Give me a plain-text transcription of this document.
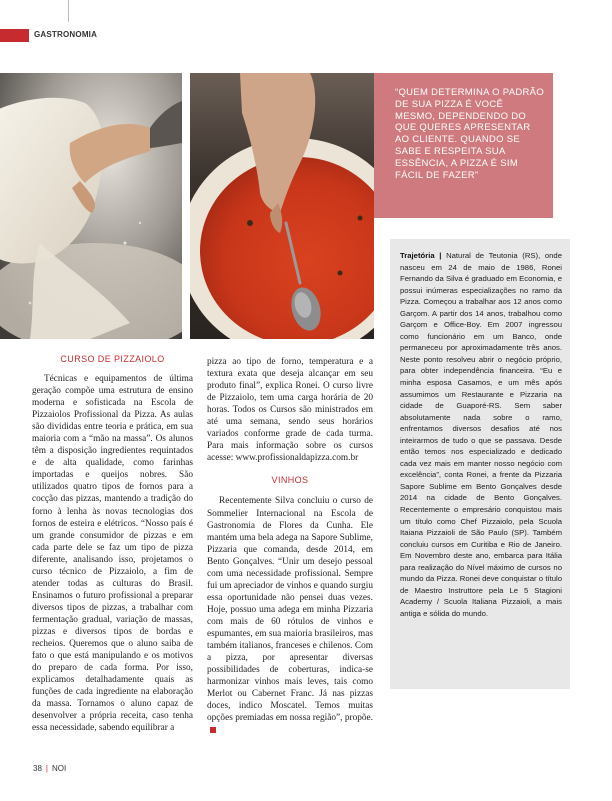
GASTRONOMIA
“QUEM DETERMINA O PADRÃO DE SUA PIZZA É VOCÊ MESMO, DEPENDENDO DO QUE QUERES APRESENTAR AO CLIENTE. QUANDO SE SABE E RESPEITA SUA ESSÊNCIA, A PIZZA É SIM FÁCIL DE FAZER”
Trajetória | Natural de Teutonia (RS), onde nasceu em 24 de maio de 1986, Ronei Fernando da Silva é graduado em Economia, e possui inúmeras especializações no ramo da Pizza. Começou a trabalhar aos 12 anos como Garçom. A partir dos 14 anos, trabalhou como Garçom e Office-Boy. Em 2007 ingressou como funcionário em um Banco, onde permaneceu por aproximadamente três anos. Neste ponto resolveu abrir o negócio próprio, para obter independência financeira. “Eu e minha esposa Casamos, e um mês após assumimos um Restaurante e Pizzaria na cidade de Guaporé-RS. Sem saber absolutamente nada sobre o ramo, enfrentamos diversos desafios até nos inteirarmos de tudo o que se passava. Desde então temos nos especializado e dedicado cada vez mais em manter nosso negócio com excelência”, conta Ronei, a frente da Pizzaria Sapore Sublime em Bento Gonçalves desde 2014 na cidade de Bento Gonçalves. Recentemente o empresário conquistou mais um título como Chef Pizzaiolo, pela Scuola Itaiana Pizzaioli de São Paulo (SP). Também concluiu cursos em Curitiba e Rio de Janeiro. Em Novembro deste ano, embarca para Itália para realização do Nível máximo de cursos no mundo da Pizza. Ronei deve conquistar o título de Maestro Instruttore pela Le 5 Stagioni Academy / Scuola Italiana Pizzaioli, a mais antiga e sólida do mundo.

CURSO DE PIZZAIOLO

Técnicas e equipamentos de última geração compõe uma estrutura de ensino moderna e sofisticada na Escola de Pizzaiolos Profissional da Pizza. As aulas são divididas entre teoria e prática, em sua maioria com a “mão na massa”. Os alunos têm a disposição ingredientes requintados e de alta qualidade, como farinhas importadas e queijos nobres. São utilizados quatro tipos de fornos para a cocção das pizzas, mantendo a tradição do forno à lenha às novas tecnologias dos fornos de esteira e elétricos. “Nosso país é um grande consumidor de pizzas e em cada parte dele se faz um tipo de pizza diferente, analisando isso, projetamos o curso técnico de Pizzaiolo, a fim de atender todas as culturas do Brasil. Ensinamos o futuro profissional a preparar diversos tipos de pizzas, a trabalhar com fermentação gradual, variação de massas, pizzas e diversos tipos de bordas e recheios. Queremos que o aluno saiba de fato o que está manipulando e os motivos do preparo de cada forma. Por isso, explicamos detalhadamente quais as funções de cada ingrediente na elaboração da massa. Tornamos o aluno capaz de desenvolver a própria receita, caso tenha essa necessidade, sabendo equilibrar a

pizza ao tipo de forno, temperatura e a textura exata que deseja alcançar em seu produto final”, explica Ronei. O curso livre de Pizzaiolo, tem uma carga horária de 20 horas. Todos os Cursos são ministrados em até uma semana, sendo seus horários variados conforme grade de cada turma. Para mais informação sobre os cursos acesse: www.profissionaldapizza.com.br

VINHOS

Recentemente Silva concluiu o curso de Sommelier Internacional na Escola de Gastronomia de Flores da Cunha. Ele mantém uma bela adega na Sapore Sublime, Pizzaria que comanda, desde 2014, em Bento Gonçalves. “Unir um desejo pessoal com uma necessidade profissional. Sempre fui um apreciador de vinhos e quando surgiu essa oportunidade não pensei duas vezes. Hoje, possuo uma adega em minha Pizzaria com mais de 60 rótulos de vinhos e espumantes, em sua maioria brasileiros, mas também italianos, franceses e chilenos. Com a pizza, por apresentar diversas possibilidades de coberturas, indica-se harmonizar vinhos mais leves, tais como Merlot ou Cabernet Franc. Já nas pizzas doces, indico Moscatel. Temos muitas opções premiadas em nossa região”, propõe.

38 | NOI
